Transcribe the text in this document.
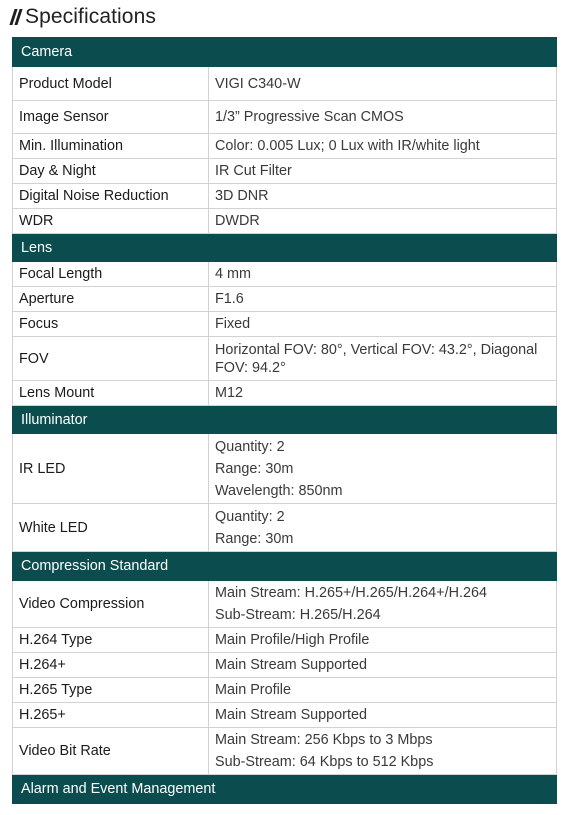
Specifications
Camera	
Product Model	VIGI C340-W
Image Sensor	1/3” Progressive Scan CMOS
Min. Illumination	Color: 0.005 Lux; 0 Lux with IR/white light
Day & Night	IR Cut Filter
Digital Noise Reduction	3D DNR
WDR	DWDR
Lens	
Focal Length	4 mm
Aperture	F1.6
Focus	Fixed
FOV	Horizontal FOV: 80°, Vertical FOV: 43.2°, Diagonal FOV: 94.2°
Lens Mount	M12
Illuminator	
IR LED	Quantity: 2
Range: 30m
Wavelength: 850nm

White LED	Quantity: 2
Range: 30m

Compression Standard	
Video Compression	Main Stream: H.265+/H.265/H.264+/H.264
Sub-Stream: H.265/H.264

H.264 Type	Main Profile/High Profile
H.264+	Main Stream Supported
H.265 Type	Main Profile
H.265+	Main Stream Supported
Video Bit Rate	Main Stream: 256 Kbps to 3 Mbps
Sub-Stream: 64 Kbps to 512 Kbps

Alarm and Event Management	
